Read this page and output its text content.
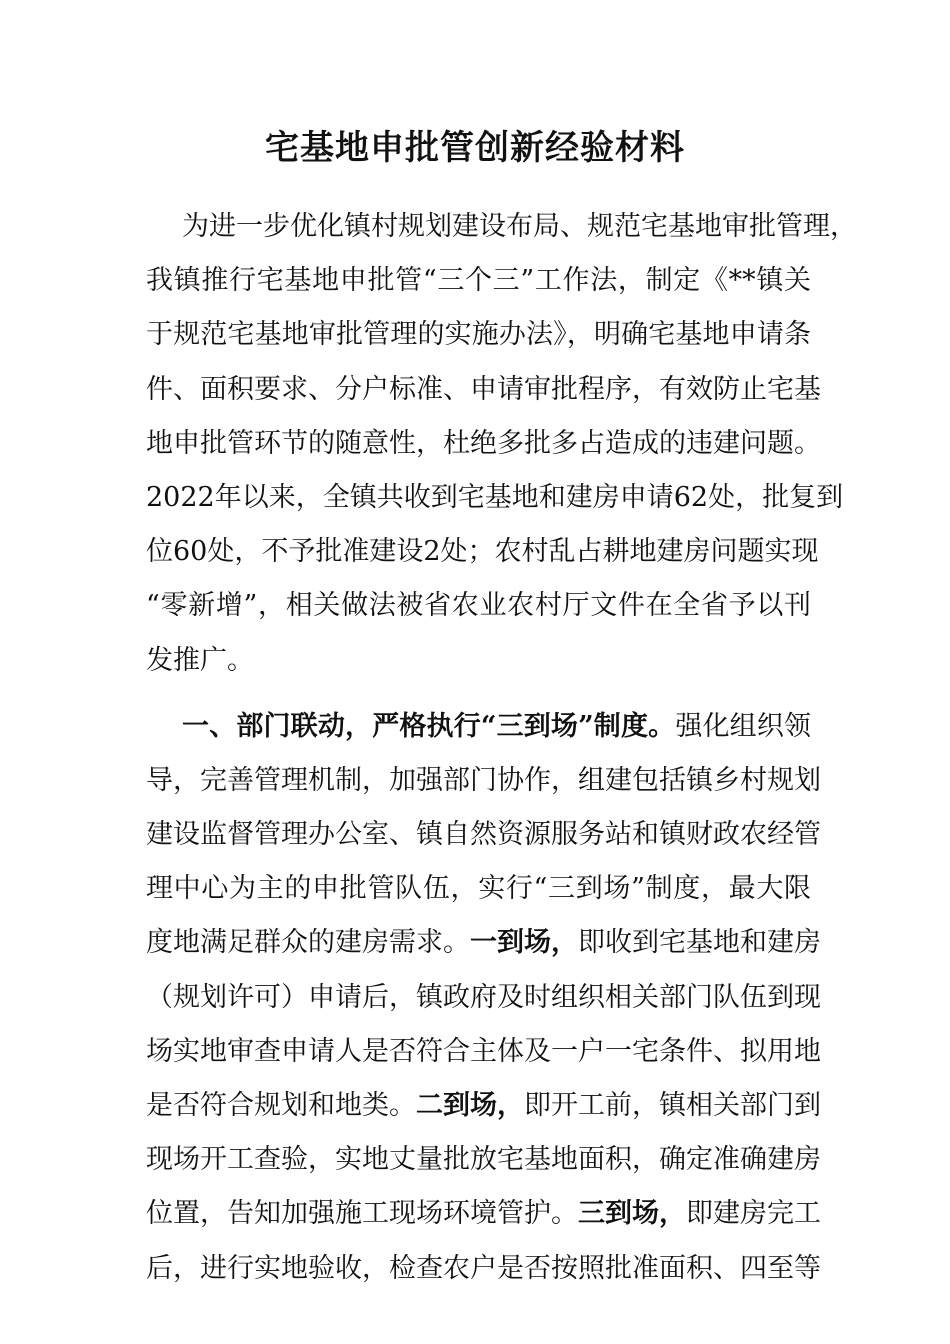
宅基地申批管创新经验材料
为进一步优化镇村规划建设布局、规范宅基地审批管理，
我镇推行宅基地申批管“三个三”工作法，制定《**镇关
于规范宅基地审批管理的实施办法》，明确宅基地申请条
件、面积要求、分户标准、申请审批程序，有效防止宅基
地申批管环节的随意性，杜绝多批多占造成的违建问题。
2022年以来，全镇共收到宅基地和建房申请62处，批复到
位60处，不予批准建设2处；农村乱占耕地建房问题实现
“零新增”，相关做法被省农业农村厅文件在全省予以刊
发推广。
一、部门联动，严格执行“三到场”制度。强化组织领
导，完善管理机制，加强部门协作，组建包括镇乡村规划
建设监督管理办公室、镇自然资源服务站和镇财政农经管
理中心为主的申批管队伍，实行“三到场”制度，最大限
度地满足群众的建房需求。一到场，即收到宅基地和建房
（规划许可）申请后，镇政府及时组织相关部门队伍到现
场实地审查申请人是否符合主体及一户一宅条件、拟用地
是否符合规划和地类。二到场，即开工前，镇相关部门到
现场开工查验，实地丈量批放宅基地面积，确定准确建房
位置，告知加强施工现场环境管护。三到场，即建房完工
后，进行实地验收，检查农户是否按照批准面积、四至等
